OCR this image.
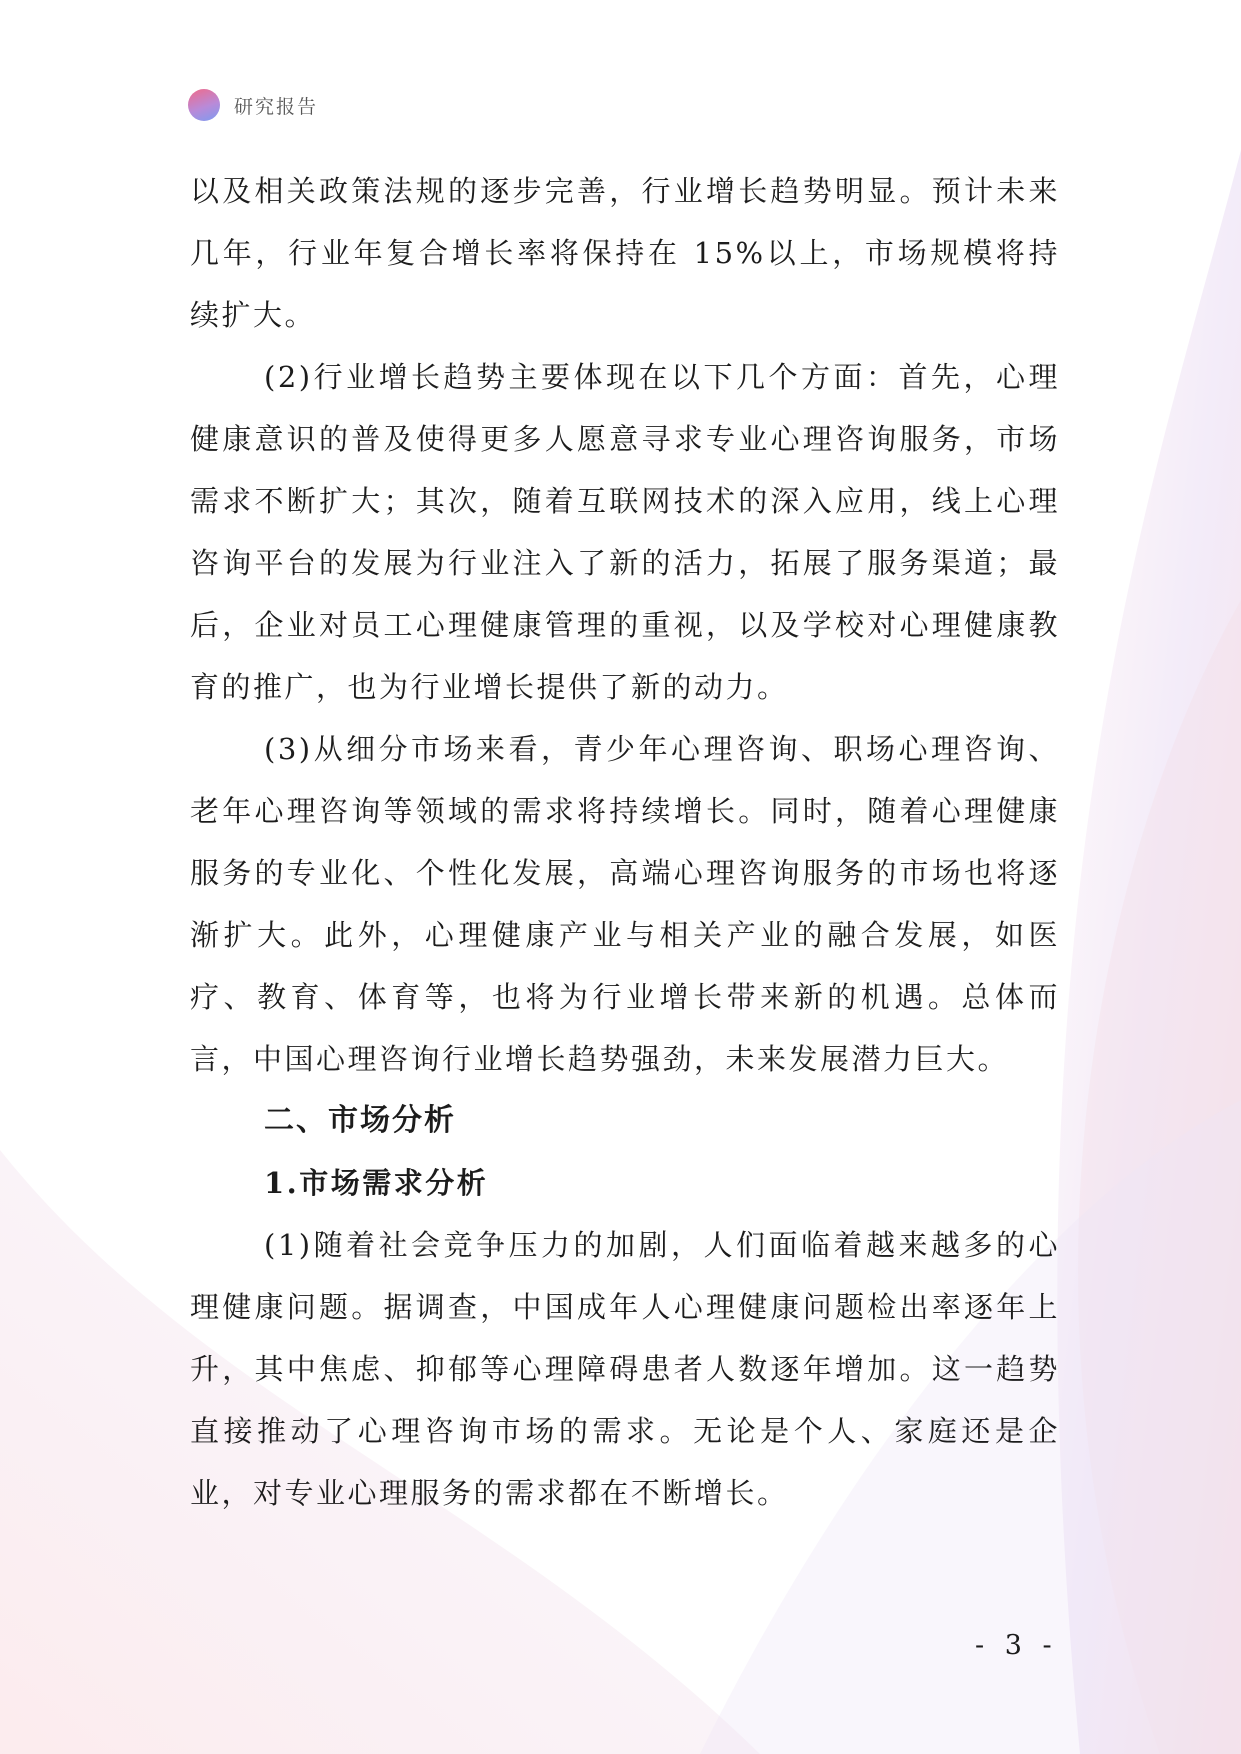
研究报告

以及相关政策法规的逐步完善，行业增长趋势明显。预计未来几年，行业年复合增长率将保持在 15%以上，市场规模将持续扩大。

(2)行业增长趋势主要体现在以下几个方面：首先，心理健康意识的普及使得更多人愿意寻求专业心理咨询服务，市场需求不断扩大；其次，随着互联网技术的深入应用，线上心理咨询平台的发展为行业注入了新的活力，拓展了服务渠道；最后，企业对员工心理健康管理的重视，以及学校对心理健康教育的推广，也为行业增长提供了新的动力。

(3)从细分市场来看，青少年心理咨询、职场心理咨询、老年心理咨询等领域的需求将持续增长。同时，随着心理健康服务的专业化、个性化发展，高端心理咨询服务的市场也将逐渐扩大。此外，心理健康产业与相关产业的融合发展，如医疗、教育、体育等，也将为行业增长带来新的机遇。总体而言，中国心理咨询行业增长趋势强劲，未来发展潜力巨大。

二、市场分析
1.市场需求分析

(1)随着社会竞争压力的加剧，人们面临着越来越多的心理健康问题。据调查，中国成年人心理健康问题检出率逐年上升，其中焦虑、抑郁等心理障碍患者人数逐年增加。这一趋势直接推动了心理咨询市场的需求。无论是个人、家庭还是企业，对专业心理服务的需求都在不断增长。

- 3 -
